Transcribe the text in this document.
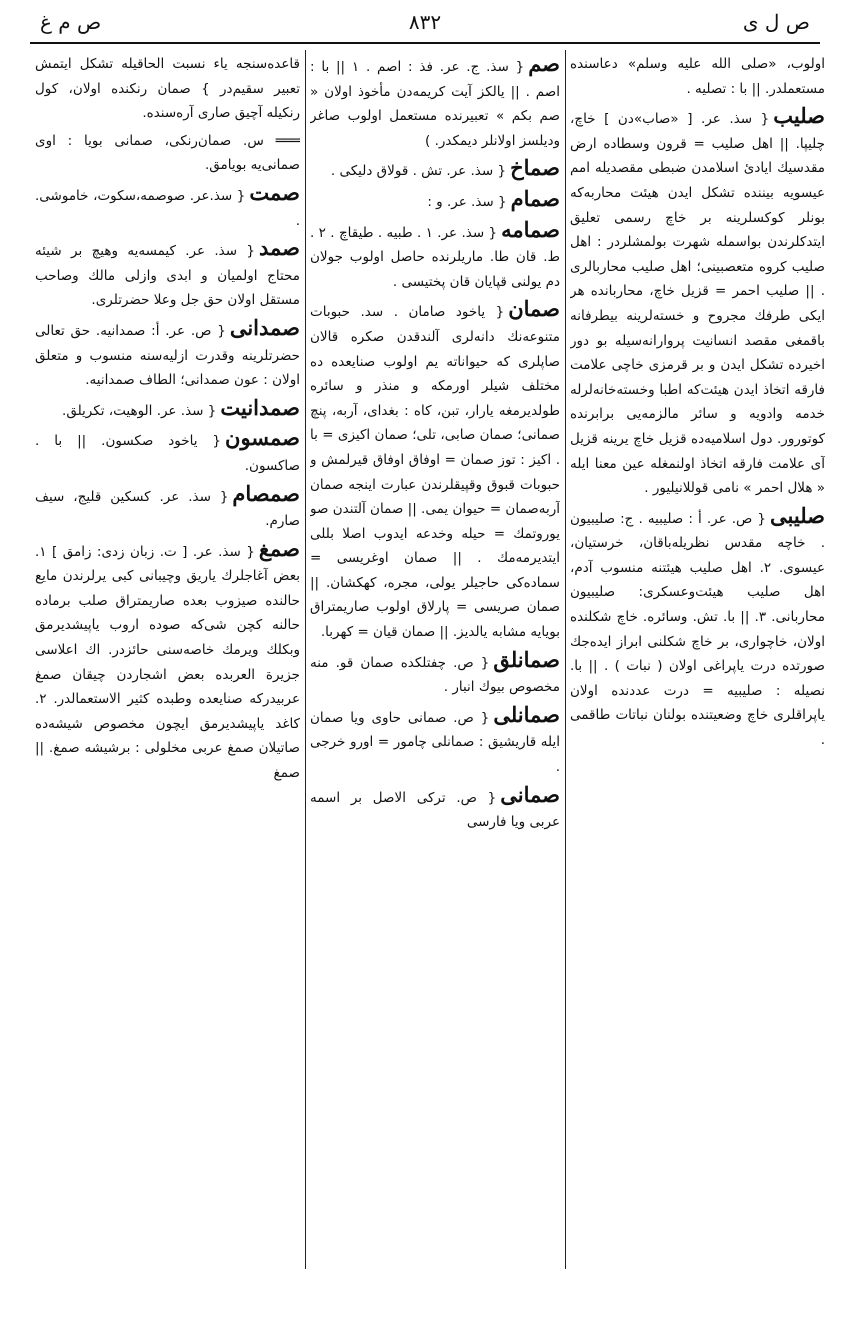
ص ل ی
۸۳۲
ص م غ
اولوب، «صلی الله علیه وسلم» دعاسنده مستعملدر. || با : تصلیه .
صلیب{ سذ. عر. [ «صاب»دن ] خاچ، چلیپا. || اهل صلیب = قرون وسطاده ارض مقدسیك ایادیٔ اسلامدن ضبطی مقصدیله امم عیسویه بیننده تشکل ایدن هیئت محاربه‌که بونلر کوکسلرینه بر خاچ رسمی تعلیق ایتدکلرندن بواسمله شهرت بولمشلردر : اهل صلیب کروه متعصبینی؛ اهل صلیب محاربالری . || صلیب احمر = قزیل خاچ، محاربانده هر ایکی طرفك مجروح و خسته‌لرینه بیطرفانه باقمغی مقصد انسانیت پروارانه‌سیله بو دور اخیرده تشکل ایدن و بر قرمزی خاچی علامت فارقه اتخاذ ایدن هیئت‌که اطبا وخسته‌خانه‌لرله خدمه وادویه و سائر مالزمه‌یی برابرنده کوتورور. دول اسلامیه‌ده قزیل خاچ یرینه قزیل آی علامت فارقه اتخاذ اولنمغله عین معنا ایله « هلال احمر » نامی قوللانیلیور .
صلیبی{ ص. عر. أ : صلیبیه . ج: صلیبیون . خاچه مقدس نظریله‌باقان، خرستیان، عیسوی. ۲. اهل صلیب هیئتنه منسوب آدم، اهل صلیب هیئت‌وعسکری: صلیبیون محاربانی. ۳. || با. تش. وسائره. خاچ شکلنده اولان، خاچواری، بر خاچ شکلنی ابراز ایده‌جك صورتده درت یاپراغی اولان ( نبات ) . || با. نصیله : صلیبیه = درت عددنده اولان یاپراقلری خاچ وضعیتنده بولنان نباتات طاقمی .
صم{ سذ. ج. عر. فذ : اصم . ۱ || با : اصم . || یالکز آیت کریمه‌دن مأخوذ اولان « صم بکم » تعبیرنده مستعمل اولوب صاغر ودیلسز اولانلر دیمکدر. )
صماخ{ سذ. عر. تش . قولاق دلیکی .
صمام{ سذ. عر. و :
صمامه{ سذ. عر. ۱ . طبیه . طیقاچ . ۲ . ط. قان طا. ماریلرنده حاصل اولوب جولان دم یولنی قپایان قان پختیسی .
صمان{ یاخود صامان . سد. حبوبات متنوعه‌نك دانه‌لری آلندقدن صکره قالان صاپلری که حیواناته یم اولوب صنایعده ده مختلف شیلر اورمکه و منذر و سائره طولدیرمغه یارار، تبن، کاه : بغدای، آربه، پنچ صمانی؛ صمان صابی، تلی؛ صمان اکیزی = با . اکیز : توز صمان = اوفاق اوفاق قیرلمش و حبوبات قبوق وقپیقلرندن عبارت اینجه صمان آربه‌صمان = حیوان یمی. || صمان آلتندن صو یوروتمك = حیله وخدعه ایدوب اصلا بللی ایتدیرمه‌مك . || صمان اوغریسی = سماده‌کی حاجیلر یولی، مجره، کهکشان. || صمان صریسی = پارلاق اولوب صاریمتراق بویایه مشابه یالدیز. || صمان قیان = کهربا.
صمانلق{ ص. چفتلکده صمان قو. منه مخصوص بیوك انبار .
صمانلی{ ص. صمانی حاوی ویا صمان ایله قاریشیق : صمانلی چامور = اورو خرجی .
صمانی{ ص. ترکی الاصل بر اسمه عربی ویا فارسی
قاعده‌سنجه یاء نسبت الحاقیله تشکل ایتمش تعبیر سقیم‌در } صمان رنکنده اولان، کول رنکیله آچیق صاری آره‌سنده.
═══ س. صمان‌رنکی، صمانی بویا : اوی صمانی‌یه بویامق.
صمت{ سذ.عر. صوصمه،سکوت، خاموشی. .
صمد{ سذ. عر. کیمسه‌یه وهیچ بر شیئه محتاج اولمیان و ابدی وازلی مالك وصاحب مستقل اولان حق جل وعلا حضرتلری.
صمدانی{ ص. عر. أ: صمدانیه. حق تعالی حضرتلرینه وقدرت ازلیه‌سنه منسوب و متعلق اولان : عون صمدانی؛ الطاف صمدانیه.
صمدانیت{ سذ. عر. الوهیت، تکریلق.
صمسون{ یاخود صکسون. || با . صاکسون.
صمصام{ سذ. عر. کسکین قلیج، سیف صارم.
صمغ{ سذ. عر. [ ت. زبان زدی: زامق ] ۱. بعض آغاجلرك یاریق وچیبانی کبی یرلرندن مایع حالنده صیزوب بعده صاریمتراق صلب برماده حالنه کچن شی‌که صوده اروب یاپیشدیرمق وبکلك ویرمك خاصه‌سنی حائزدر. اك اعلاسی جزیرة العربده بعض اشجاردن چیقان صمغ عربیدرکه صنایعده وطبده کثیر الاستعمالدر. ۲. کاغد یاپیشدیرمق ایچون مخصوص شیشه‌ده صاتیلان صمغ عربی مخلولی : برشیشه صمغ. || صمغ
